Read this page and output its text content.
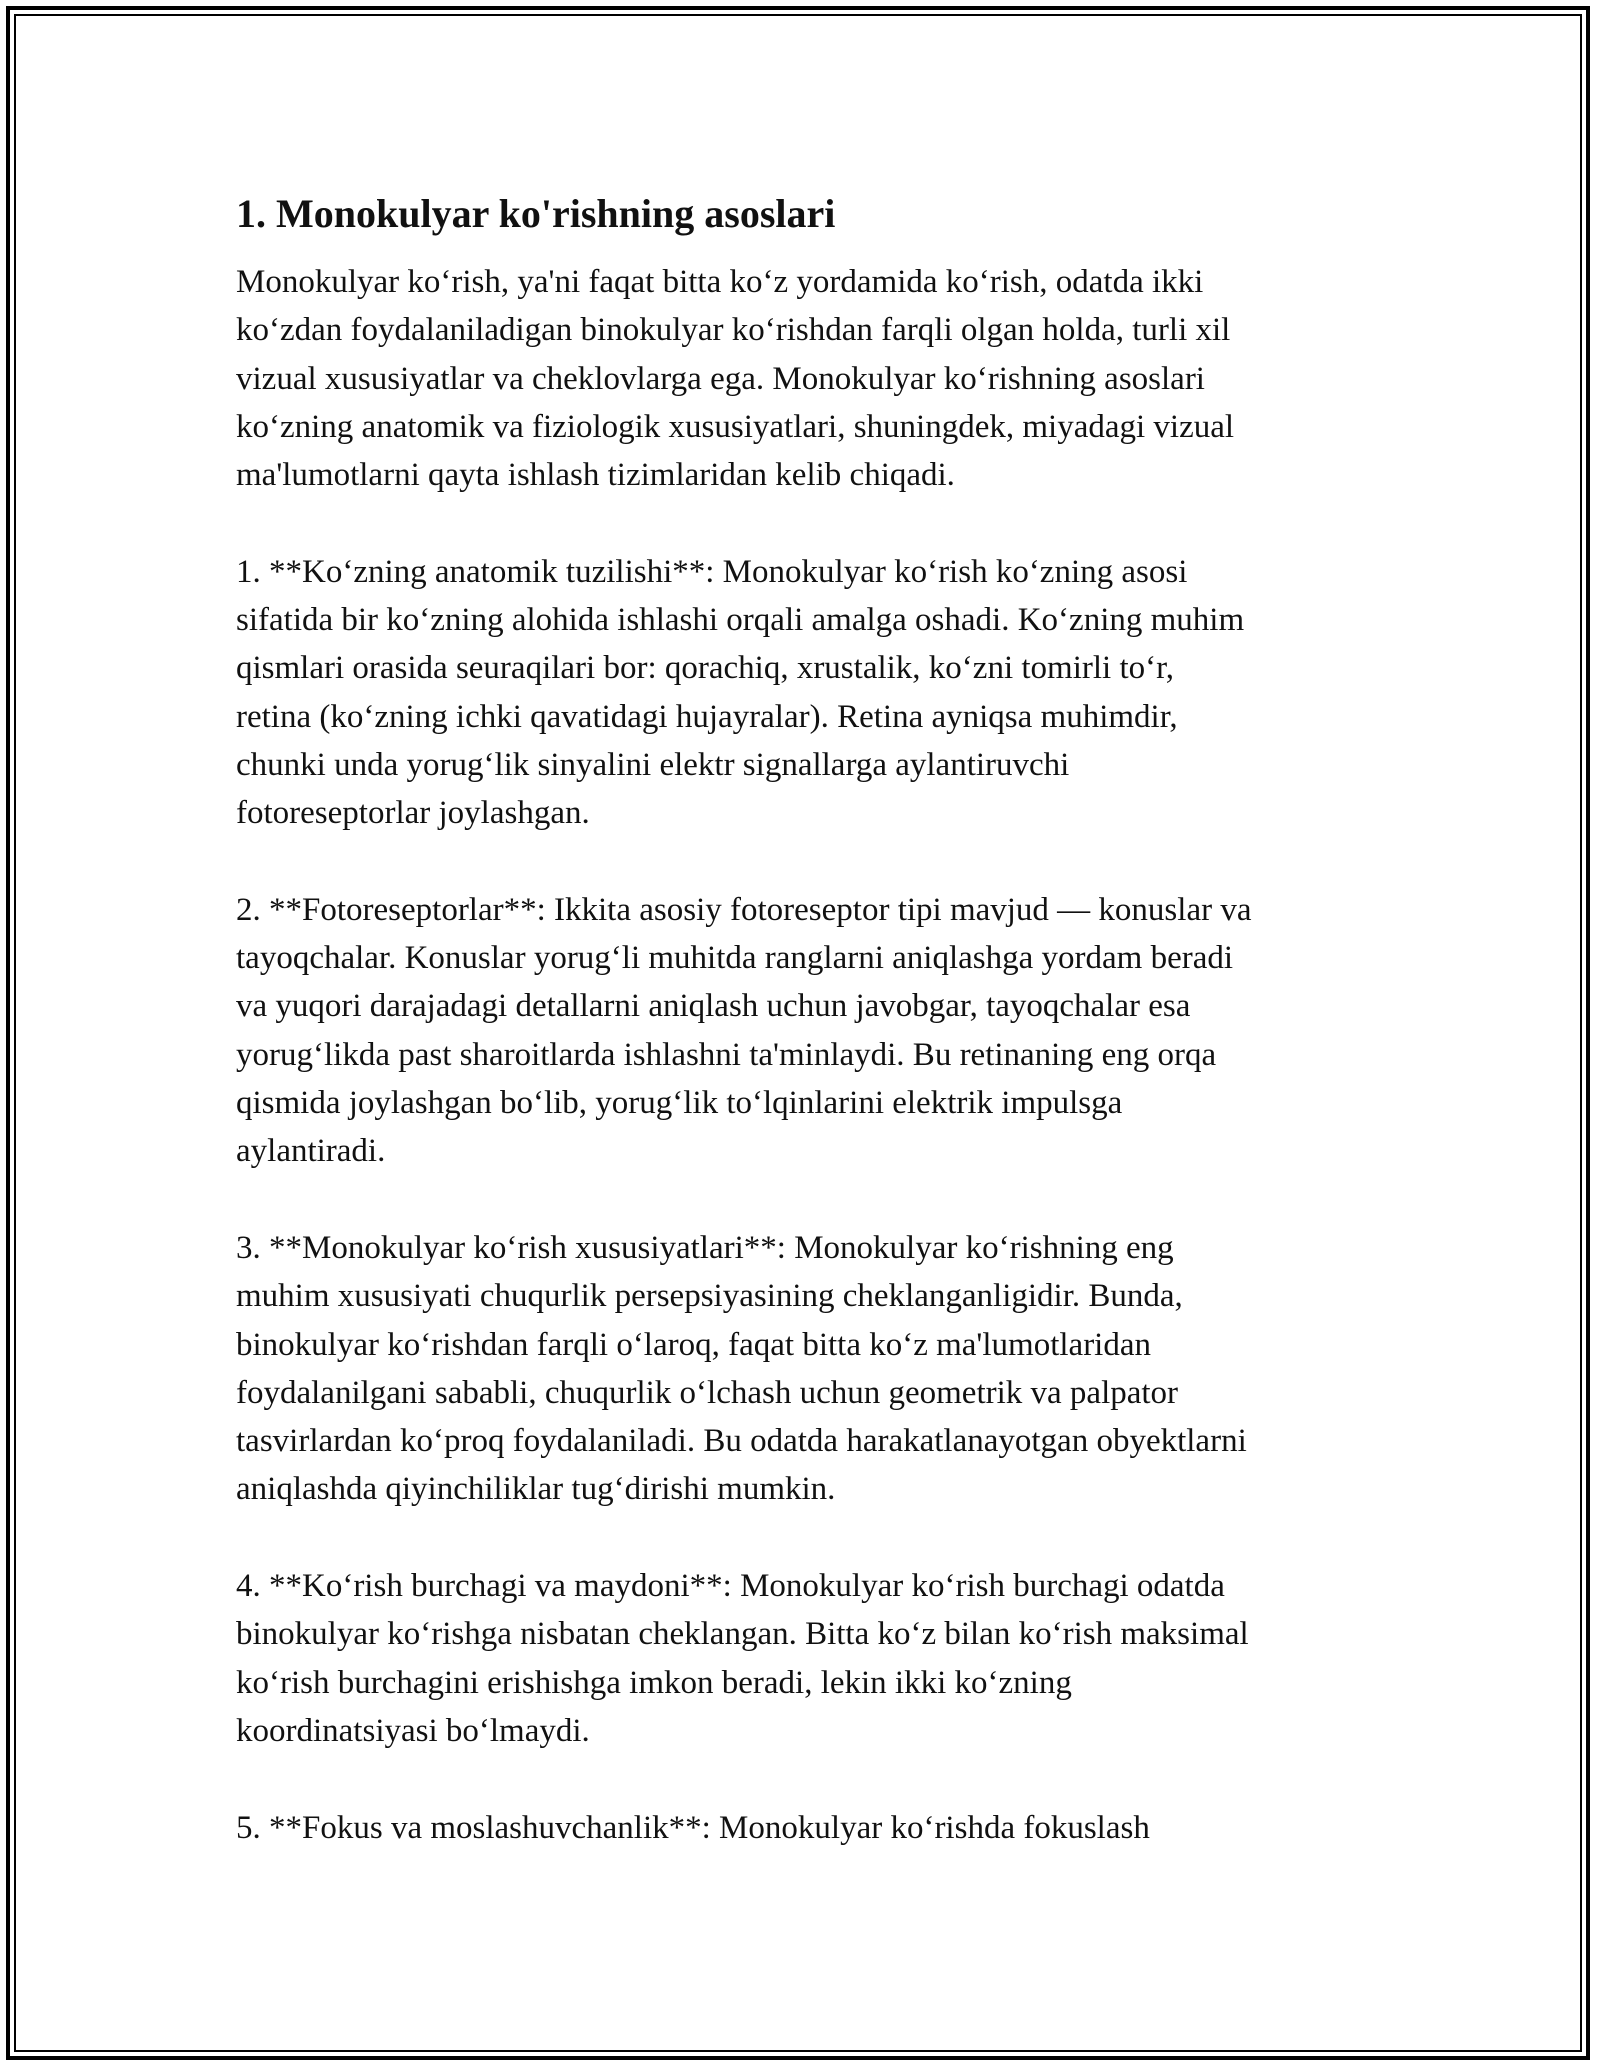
1. Monokulyar ko'rishning asoslari

Monokulyar ko‘rish, ya'ni faqat bitta ko‘z yordamida ko‘rish, odatda ikki
ko‘zdan foydalaniladigan binokulyar ko‘rishdan farqli olgan holda, turli xil
vizual xususiyatlar va cheklovlarga ega. Monokulyar ko‘rishning asoslari
ko‘zning anatomik va fiziologik xususiyatlari, shuningdek, miyadagi vizual
ma'lumotlarni qayta ishlash tizimlaridan kelib chiqadi.

1. **Ko‘zning anatomik tuzilishi**: Monokulyar ko‘rish ko‘zning asosi
sifatida bir ko‘zning alohida ishlashi orqali amalga oshadi. Ko‘zning muhim
qismlari orasida seuraqilari bor: qorachiq, xrustalik, ko‘zni tomirli to‘r,
retina (ko‘zning ichki qavatidagi hujayralar). Retina ayniqsa muhimdir,
chunki unda yorug‘lik sinyalini elektr signallarga aylantiruvchi
fotoreseptorlar joylashgan.

2. **Fotoreseptorlar**: Ikkita asosiy fotoreseptor tipi mavjud — konuslar va
tayoqchalar. Konuslar yorug‘li muhitda ranglarni aniqlashga yordam beradi
va yuqori darajadagi detallarni aniqlash uchun javobgar, tayoqchalar esa
yorug‘likda past sharoitlarda ishlashni ta'minlaydi. Bu retinaning eng orqa
qismida joylashgan bo‘lib, yorug‘lik to‘lqinlarini elektrik impulsga
aylantiradi.

3. **Monokulyar ko‘rish xususiyatlari**: Monokulyar ko‘rishning eng
muhim xususiyati chuqurlik persepsiyasining cheklanganligidir. Bunda,
binokulyar ko‘rishdan farqli o‘laroq, faqat bitta ko‘z ma'lumotlaridan
foydalanilgani sababli, chuqurlik o‘lchash uchun geometrik va palpator
tasvirlardan ko‘proq foydalaniladi. Bu odatda harakatlanayotgan obyektlarni
aniqlashda qiyinchiliklar tug‘dirishi mumkin.

4. **Ko‘rish burchagi va maydoni**: Monokulyar ko‘rish burchagi odatda
binokulyar ko‘rishga nisbatan cheklangan. Bitta ko‘z bilan ko‘rish maksimal
ko‘rish burchagini erishishga imkon beradi, lekin ikki ko‘zning
koordinatsiyasi bo‘lmaydi.

5. **Fokus va moslashuvchanlik**: Monokulyar ko‘rishda fokuslash
